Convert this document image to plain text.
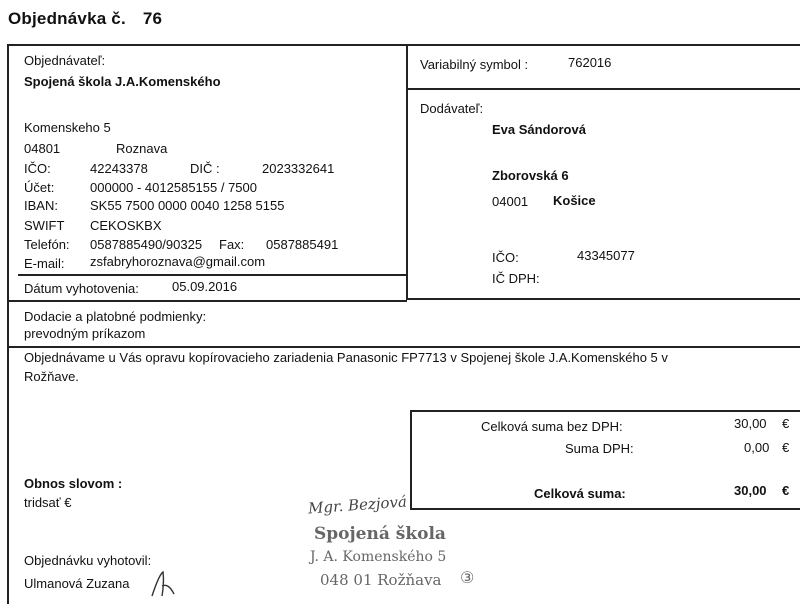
Objednávka č. 76
Objednávateľ:
Spojená škola J.A.Komenského
Komenskeho 5
04801	Roznava
IČO:	42243378	DIČ :	2023332641
Účet:	000000 - 4012585155 / 7500
IBAN: SK55 7500 0000 0040 1258 5155
SWIFT CEKOSKBX
Telefón: 0587885490/90325 Fax: 0587885491
E-mail: zsfabryhoroznava@gmail.com
Dátum vyhotovenia:	05.09.2016
Variabilný symbol :	762016
Dodávateľ:
Eva Sándorová
Zborovská 6
04001 Košice
IČO:	43345077
IČ DPH:
Dodacie a platobné podmienky:
prevodným príkazom
Objednávame u Vás opravu kopírovacieho zariadenia Panasonic FP7713 v Spojenej škole J.A.Komenského 5 v
Rožňave.
Celková suma bez DPH:	30,00 €
Suma DPH:	0,00 €
Celková suma:	30,00 €
Obnos slovom :
tridsať €
Objednávku vyhotovil:
Ulmanová Zuzana
Mgr. Bezjová
Spojená škola
J. A. Komenského 5
048 01 Rožňava ③
